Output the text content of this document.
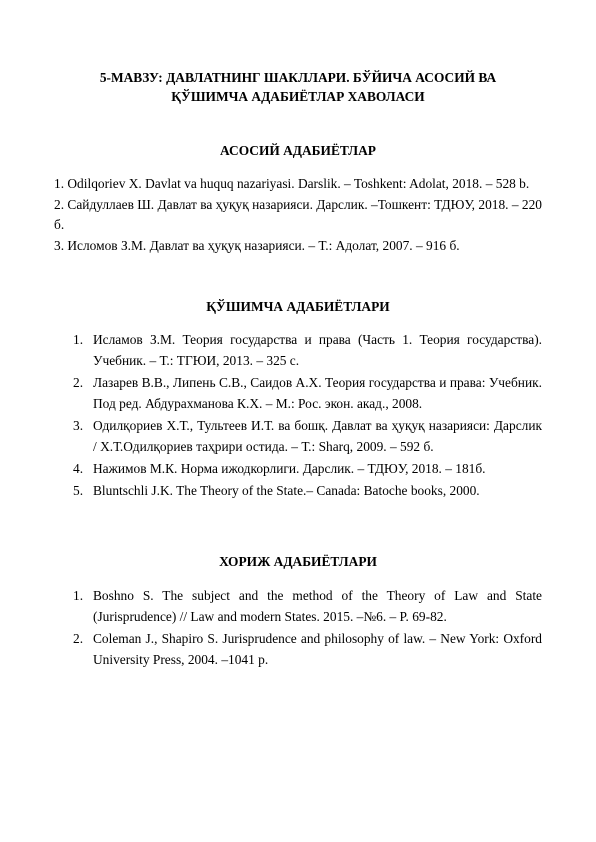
5-МАВЗУ: ДАВЛАТНИНГ ШАКЛЛАРИ. БЎЙИЧА АСОСИЙ ВА
ҚЎШИМЧА АДАБИЁТЛАР ХАВОЛАСИ
АСОСИЙ АДАБИЁТЛАР
1. Odilqoriev X. Davlat va huquq nazariyasi. Darslik. – Toshkent: Adolat, 2018. – 528 b.
2. Сайдуллаев Ш. Давлат ва ҳуқуқ назарияси. Дарслик. –Тошкент: ТДЮУ, 2018. – 220 б.
3. Исломов З.М. Давлат ва ҳуқуқ назарияси. – Т.: Адолат, 2007. – 916 б.
ҚЎШИМЧА АДАБИЁТЛАРИ
1. Исламов З.М. Теория государства и права (Часть 1. Теория государства). Учебник. – Т.: ТГЮИ, 2013. – 325 с.
2. Лазарев В.В., Липень С.В., Саидов А.Х. Теория государства и права: Учебник. Под ред. Абдурахманова К.Х. – М.: Рос. экон. акад., 2008.
3. Одилқориев Х.Т., Тультеев И.Т. ва бошқ. Давлат ва ҳуқуқ назарияси: Дарслик / Х.Т.Одилқориев таҳрири остида. – Т.: Sharq, 2009. – 592 б.
4. Нажимов М.К. Норма ижодкорлиги. Дарслик. – ТДЮУ, 2018. – 181б.
5. Bluntschli J.K. The Theory of the State.– Canada: Batoche books, 2000.
ХОРИЖ АДАБИЁТЛАРИ
1. Boshno S. The subject and the method of the Theory of Law and State (Jurisprudence) // Law and modern States. 2015. –№6. – P. 69-82.
2. Coleman J., Shapiro S. Jurisprudence and philosophy of law. – New York: Oxford University Press, 2004. –1041 p.
